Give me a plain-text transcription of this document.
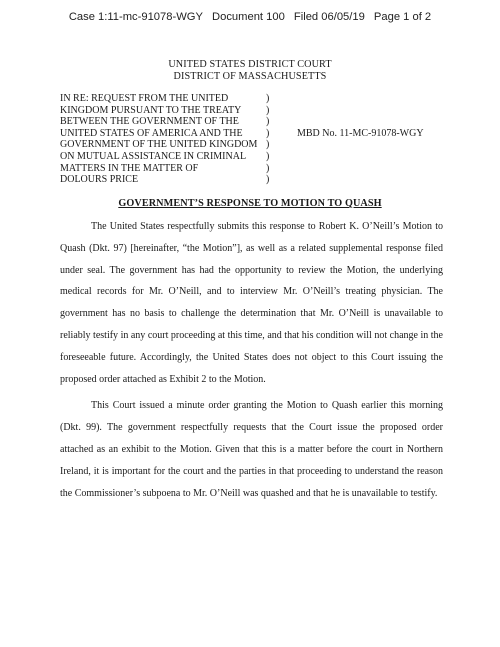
Case 1:11-mc-91078-WGY Document 100 Filed 06/05/19 Page 1 of 2
UNITED STATES DISTRICT COURT
DISTRICT OF MASSACHUSETTS
IN RE: REQUEST FROM THE UNITED
KINGDOM PURSUANT TO THE TREATY
BETWEEN THE GOVERNMENT OF THE
UNITED STATES OF AMERICA AND THE
GOVERNMENT OF THE UNITED KINGDOM
ON MUTUAL ASSISTANCE IN CRIMINAL
MATTERS IN THE MATTER OF
DOLOURS PRICE
)
)
)
)
)
)
)
)
MBD No. 11-MC-91078-WGY
GOVERNMENT’S RESPONSE TO MOTION TO QUASH

The United States respectfully submits this response to Robert K. O’Neill’s Motion to Quash (Dkt. 97) [hereinafter, “the Motion”], as well as a related supplemental response filed under seal. The government has had the opportunity to review the Motion, the underlying medical records for Mr. O’Neill, and to interview Mr. O’Neill’s treating physician. The government has no basis to challenge the determination that Mr. O’Neill is unavailable to reliably testify in any court proceeding at this time, and that his condition will not change in the foreseeable future. Accordingly, the United States does not object to this Court issuing the proposed order attached as Exhibit 2 to the Motion.

This Court issued a minute order granting the Motion to Quash earlier this morning (Dkt. 99). The government respectfully requests that the Court issue the proposed order attached as an exhibit to the Motion. Given that this is a matter before the court in Northern Ireland, it is important for the court and the parties in that proceeding to understand the reason the Commissioner’s subpoena to Mr. O’Neill was quashed and that he is unavailable to testify.
